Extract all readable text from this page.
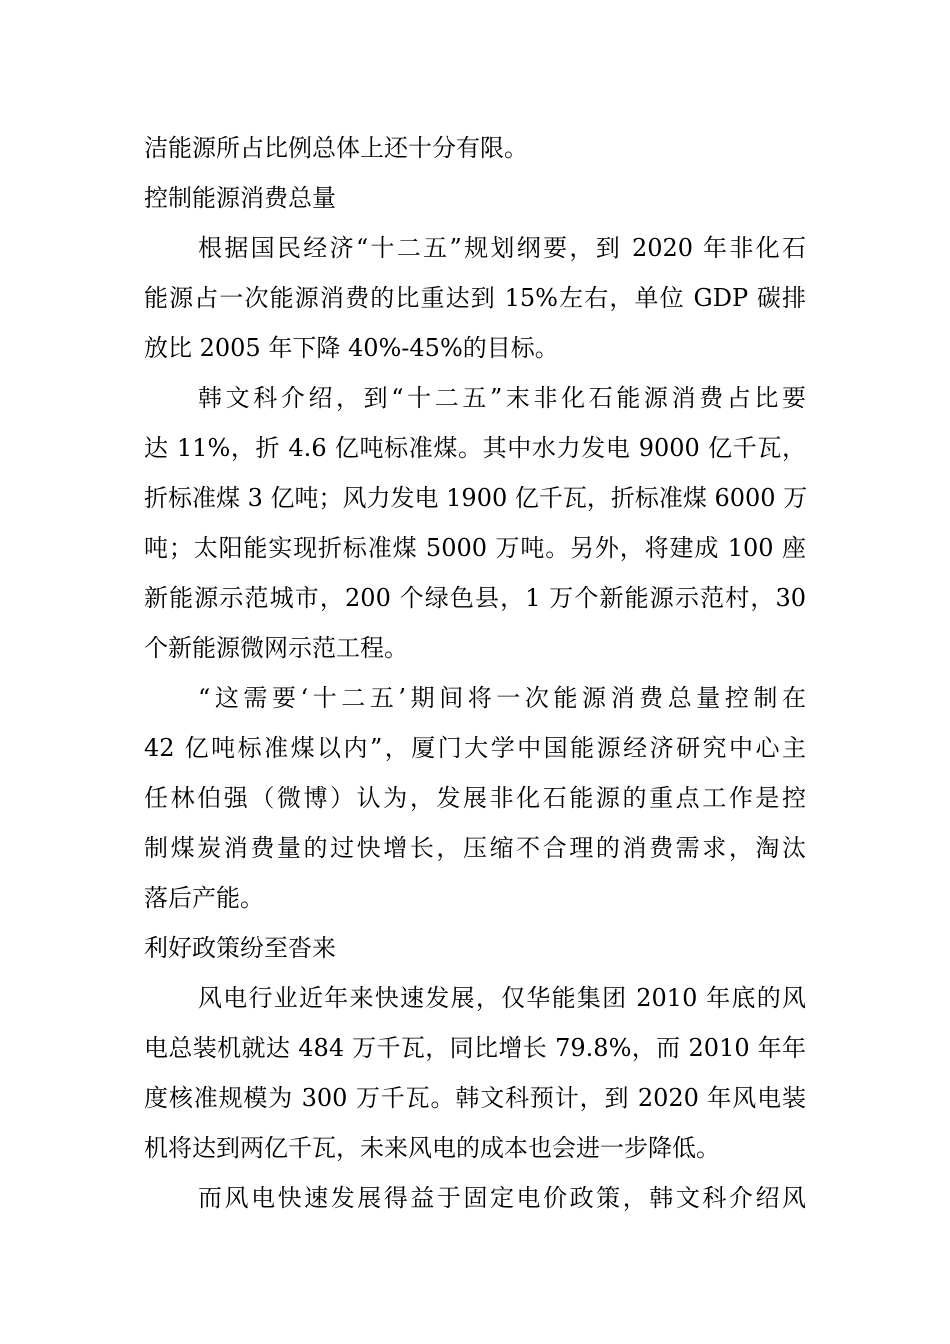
洁能源所占比例总体上还十分有限。
控制能源消费总量
根据国民经济“十二五”规划纲要，到 2020 年非化石
能源占一次能源消费的比重达到 15%左右，单位 GDP 碳排
放比 2005 年下降 40%-45%的目标。
韩文科介绍，到“十二五”末非化石能源消费占比要
达 11%，折 4.6 亿吨标准煤。其中水力发电 9000 亿千瓦，
折标准煤 3 亿吨；风力发电 1900 亿千瓦，折标准煤 6000 万
吨；太阳能实现折标准煤 5000 万吨。另外，将建成 100 座
新能源示范城市，200 个绿色县，1 万个新能源示范村，30
个新能源微网示范工程。
“这需要‘十二五’期间将一次能源消费总量控制在
42 亿吨标准煤以内”，厦门大学中国能源经济研究中心主
任林伯强（微博）认为，发展非化石能源的重点工作是控
制煤炭消费量的过快增长，压缩不合理的消费需求，淘汰
落后产能。
利好政策纷至沓来
风电行业近年来快速发展，仅华能集团 2010 年底的风
电总装机就达 484 万千瓦，同比增长 79.8%，而 2010 年年
度核准规模为 300 万千瓦。韩文科预计，到 2020 年风电装
机将达到两亿千瓦，未来风电的成本也会进一步降低。
而风电快速发展得益于固定电价政策，韩文科介绍风
